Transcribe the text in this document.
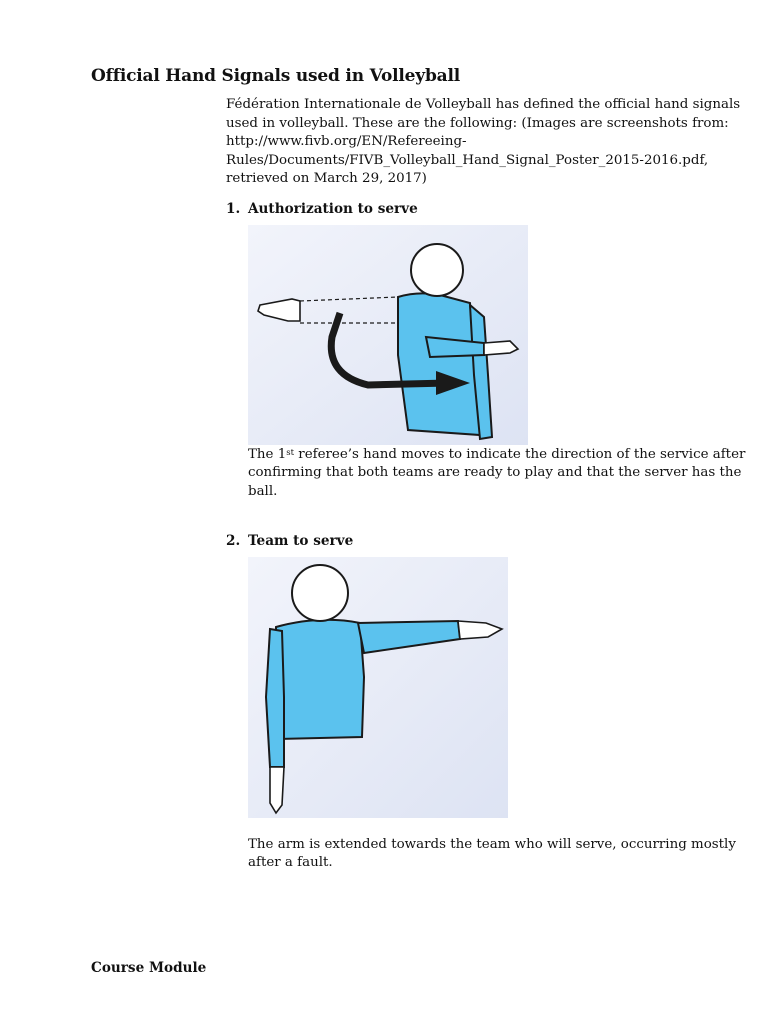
Official Hand Signals used in Volleyball
Fédération Internationale de Volleyball has defined the official hand signals
used in volleyball. These are the following: (Images are screenshots from:
http://www.fivb.org/EN/Refereeing-
Rules/Documents/FIVB_Volleyball_Hand_Signal_Poster_2015-2016.pdf,
retrieved on March 29, 2017)
1. Authorization to serve
The 1st referee’s hand moves to indicate the direction of the service after
confirming that both teams are ready to play and that the server has the
ball.
2. Team to serve
The arm is extended towards the team who will serve, occurring mostly
after a fault.
Course Module
